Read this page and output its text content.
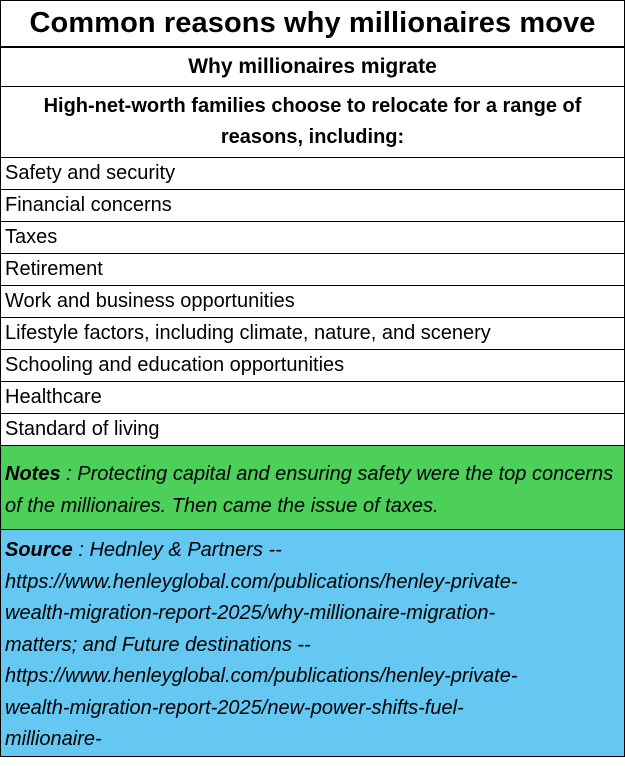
Common reasons why millionaires move
Why millionaires migrate
High-net-worth families choose to relocate for a range of reasons, including:
Safety and security
Financial concerns
Taxes
Retirement
Work and business opportunities
Lifestyle factors, including climate, nature, and scenery
Schooling and education opportunities
Healthcare
Standard of living
Notes : Protecting capital and ensuring safety were the top concerns of the millionaires. Then came the issue of taxes.
Source : Hednley & Partners --
https://www.henleyglobal.com/publications/henley-private-
wealth-migration-report-2025/why-millionaire-migration-
matters; and Future destinations --
https://www.henleyglobal.com/publications/henley-private-
wealth-migration-report-2025/new-power-shifts-fuel-
millionaire-
